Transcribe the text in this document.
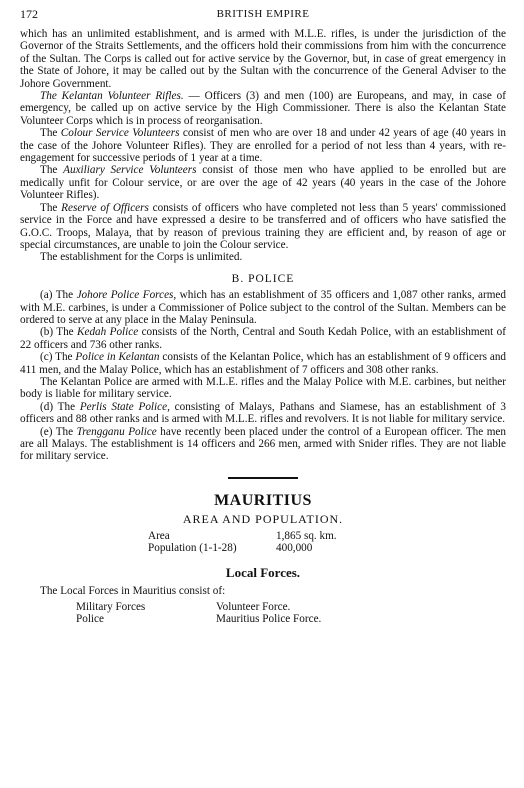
172	BRITISH EMPIRE

which has an unlimited establishment, and is armed with M.L.E. rifles, is under the jurisdiction of the Governor of the Straits Settlements, and the officers hold their commissions from him with the concurrence of the Sultan. The Corps is called out for active service by the Governor, but, in case of great emergency in the State of Johore, it may be called out by the Sultan with the concurrence of the General Adviser to the Johore Government.

The Kelantan Volunteer Rifles. — Officers (3) and men (100) are Europeans, and may, in case of emergency, be called up on active service by the High Commissioner. There is also the Kelantan State Volunteer Corps which is in process of reorganisation.

The Colour Service Volunteers consist of men who are over 18 and under 42 years of age (40 years in the case of the Johore Volunteer Rifles). They are enrolled for a period of not less than 4 years, with re-engagement for successive periods of 1 year at a time.

The Auxiliary Service Volunteers consist of those men who have applied to be enrolled but are medically unfit for Colour service, or are over the age of 42 years (40 years in the case of the Johore Volunteer Rifles).

The Reserve of Officers consists of officers who have completed not less than 5 years' commissioned service in the Force and have expressed a desire to be transferred and of officers who have satisfied the G.O.C. Troops, Malaya, that by reason of previous training they are efficient and, by reason of age or special circumstances, are unable to join the Colour service.

The establishment for the Corps is unlimited.

B. POLICE

(a) The Johore Police Forces, which has an establishment of 35 officers and 1,087 other ranks, armed with M.E. carbines, is under a Commissioner of Police subject to the control of the Sultan. Members can be ordered to serve at any place in the Malay Peninsula.

(b) The Kedah Police consists of the North, Central and South Kedah Police, with an establishment of 22 officers and 736 other ranks.

(c) The Police in Kelantan consists of the Kelantan Police, which has an establishment of 9 officers and 411 men, and the Malay Police, which has an establishment of 7 officers and 308 other ranks.

The Kelantan Police are armed with M.L.E. rifles and the Malay Police with M.E. carbines, but neither body is liable for military service.

(d) The Perlis State Police, consisting of Malays, Pathans and Siamese, has an establishment of 3 officers and 88 other ranks and is armed with M.L.E. rifles and revolvers. It is not liable for military service.

(e) The Trengganu Police have recently been placed under the control of a European officer. The men are all Malays. The establishment is 14 officers and 266 men, armed with Snider rifles. They are not liable for military service.

MAURITIUS
AREA AND POPULATION.
Area	1,865 sq. km.
Population (1-1-28)	400,000
Local Forces.
The Local Forces in Mauritius consist of:
Military Forces	Volunteer Force.
Police	Mauritius Police Force.
